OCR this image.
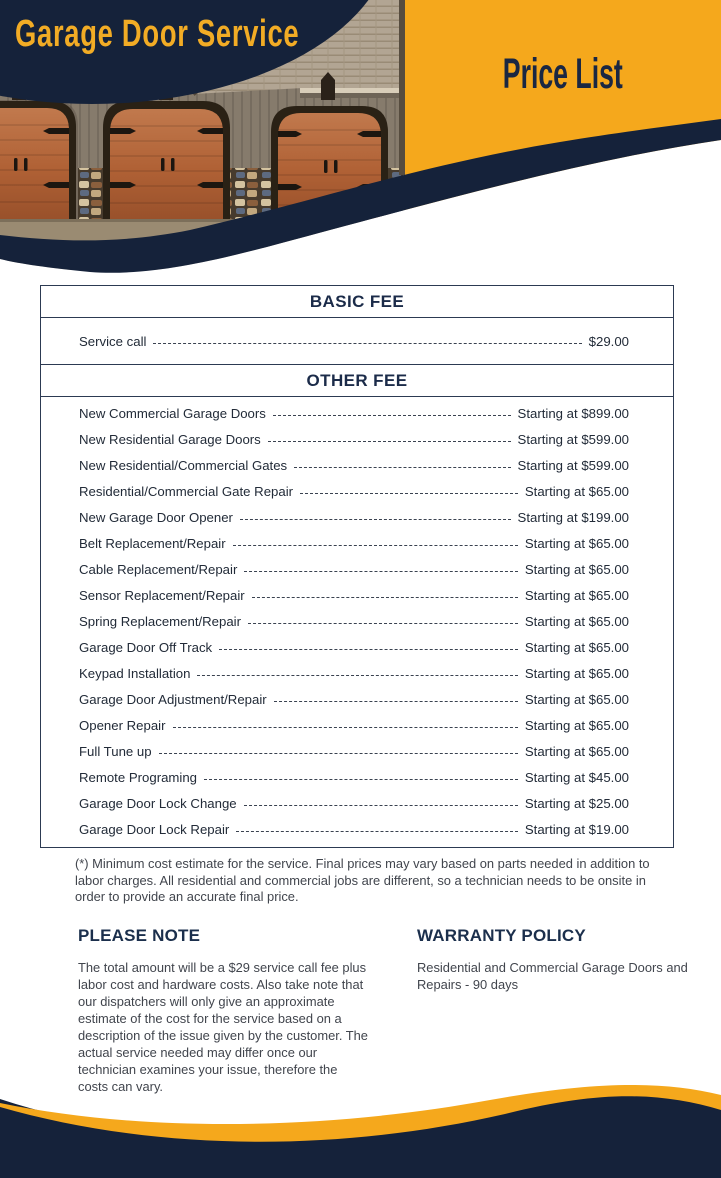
Garage Door Service
Price List
BASIC FEE
Service call	$29.00
OTHER FEE
New Commercial Garage Doors	Starting at $899.00
New Residential Garage Doors	Starting at $599.00
New Residential/Commercial Gates	Starting at $599.00
Residential/Commercial Gate Repair	Starting at $65.00
New Garage Door Opener	Starting at $199.00
Belt Replacement/Repair	Starting at $65.00
Cable Replacement/Repair	Starting at $65.00
Sensor Replacement/Repair	Starting at $65.00
Spring Replacement/Repair	Starting at $65.00
Garage Door Off Track	Starting at $65.00
Keypad Installation	Starting at $65.00
Garage Door Adjustment/Repair	Starting at $65.00
Opener Repair	Starting at $65.00
Full Tune up	Starting at $65.00
Remote Programing	Starting at $45.00
Garage Door Lock Change	Starting at $25.00
Garage Door Lock Repair	Starting at $19.00

(*) Minimum cost estimate for the service. Final prices may vary based on parts needed in addition to labor charges. All residential and commercial jobs are different, so a technician needs to be onsite in order to provide an accurate final price.

PLEASE NOTE

The total amount will be a $29 service call fee plus labor cost and hardware costs. Also take note that our dispatchers will only give an approximate estimate of the cost for the service based on a description of the issue given by the customer. The actual service needed may differ once our technician examines your issue, therefore the costs can vary.

WARRANTY POLICY

Residential and Commercial Garage Doors and Repairs - 90 days
